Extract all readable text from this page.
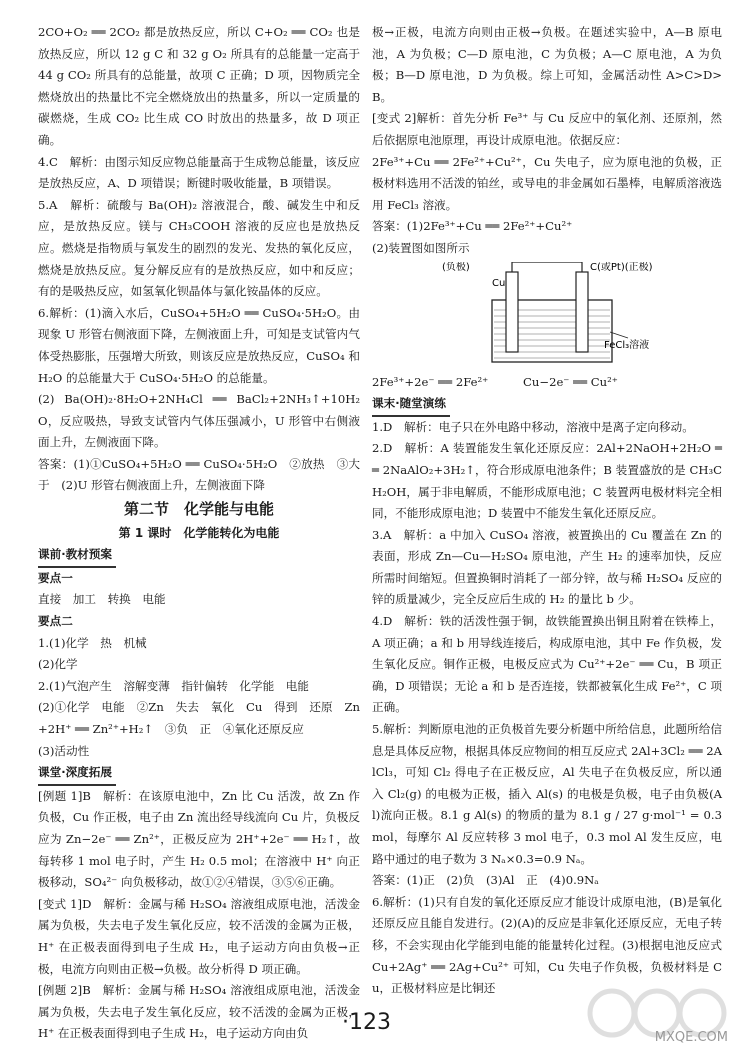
2CO+O₂ ══ 2CO₂ 都是放热反应，所以 C+O₂ ══ CO₂ 也是放热反应，所以 12 g C 和 32 g O₂ 所具有的总能量一定高于 44 g CO₂ 所具有的总能量，故项 C 正确；D 项，因物质完全燃烧放出的热量比不完全燃烧放出的热量多，所以一定质量的碳燃烧，生成 CO₂ 比生成 CO 时放出的热量多，故 D 项正确。

4.C　解析：由图示知反应物总能量高于生成物总能量，该反应是放热反应，A、D 项错误；断键时吸收能量，B 项错误。

5.A　解析：硫酸与 Ba(OH)₂ 溶液混合，酸、碱发生中和反应，是放热反应。镁与 CH₃COOH 溶液的反应也是放热反应。燃烧是指物质与氧发生的剧烈的发光、发热的氧化反应，燃烧是放热反应。复分解反应有的是放热反应，如中和反应；有的是吸热反应，如氢氧化钡晶体与氯化铵晶体的反应。

6.解析：(1)滴入水后，CuSO₄+5H₂O ══ CuSO₄·5H₂O。由现象 U 形管右侧液面下降，左侧液面上升，可知是支试管内气体受热膨胀，压强增大所致，则该反应是放热反应，CuSO₄ 和 H₂O 的总能量大于 CuSO₄·5H₂O 的总能量。

(2) Ba(OH)₂·8H₂O+2NH₄Cl ══ BaCl₂+2NH₃↑+10H₂O，反应吸热，导致支试管内气体压强减小，U 形管中右侧液面上升，左侧液面下降。

答案：(1)①CuSO₄+5H₂O ══ CuSO₄·5H₂O　②放热　③大于　(2)U 形管右侧液面上升，左侧液面下降

第二节　化学能与电能
第 1 课时　化学能转化为电能
课前·教材预案

要点一

直接　加工　转换　电能

要点二

1.(1)化学　热　机械

(2)化学

2.(1)气泡产生　溶解变薄　指针偏转　化学能　电能

(2)①化学　电能　②Zn　失去　氧化　Cu　得到　还原　Zn+2H⁺ ══ Zn²⁺+H₂↑　③负　正　④氧化还原反应

(3)活动性

课堂·深度拓展

[例题 1]B　解析：在该原电池中，Zn 比 Cu 活泼，故 Zn 作负极，Cu 作正极，电子由 Zn 流出经导线流向 Cu 片，负极反应为 Zn−2e⁻ ══ Zn²⁺，正极反应为 2H⁺+2e⁻ ══ H₂↑，故每转移 1 mol 电子时，产生 H₂ 0.5 mol；在溶液中 H⁺ 向正极移动，SO₄²⁻ 向负极移动，故①②④错误，③⑤⑥正确。

[变式 1]D　解析：金属与稀 H₂SO₄ 溶液组成原电池，活泼金属为负极，失去电子发生氧化反应，较不活泼的金属为正极，H⁺ 在正极表面得到电子生成 H₂，电子运动方向由负极→正极，电流方向则由正极→负极。故分析得 D 项正确。

[例题 2]B　解析：金属与稀 H₂SO₄ 溶液组成原电池，活泼金属为负极，失去电子发生氧化反应，较不活泼的金属为正极，H⁺ 在正极表面得到电子生成 H₂，电子运动方向由负

极→正极，电流方向则由正极→负极。在题述实验中，A—B 原电池，A 为负极；C—D 原电池，C 为负极；A—C 原电池，A 为负极；B—D 原电池，D 为负极。综上可知，金属活动性 A>C>D>B。

[变式 2]解析：首先分析 Fe³⁺ 与 Cu 反应中的氧化剂、还原剂，然后依据原电池原理，再设计成原电池。依据反应：

2Fe³⁺+Cu ══ 2Fe²⁺+Cu²⁺，Cu 失电子，应为原电池的负极，正极材料选用不活泼的铂丝，或导电的非金属如石墨棒，电解质溶液选用 FeCl₃ 溶液。

答案：(1)2Fe³⁺+Cu ══ 2Fe²⁺+Cu²⁺

(2)装置图如图所示

(负极)
Cu
C(或Pt)(正极)
FeCl₃溶液

2Fe³⁺+2e⁻ ══ 2Fe²⁺　　　Cu−2e⁻ ══ Cu²⁺

课末·随堂演练

1.D　解析：电子只在外电路中移动，溶液中是离子定向移动。

2.D　解析：A 装置能发生氧化还原反应：2Al+2NaOH+2H₂O ══ 2NaAlO₂+3H₂↑，符合形成原电池条件；B 装置盛放的是 CH₃CH₂OH，属于非电解质，不能形成原电池；C 装置两电极材料完全相同，不能形成原电池；D 装置中不能发生氧化还原反应。

3.A　解析：a 中加入 CuSO₄ 溶液，被置换出的 Cu 覆盖在 Zn 的表面，形成 Zn—Cu—H₂SO₄ 原电池，产生 H₂ 的速率加快，反应所需时间缩短。但置换铜时消耗了一部分锌，故与稀 H₂SO₄ 反应的锌的质量减少，完全反应后生成的 H₂ 的量比 b 少。

4.D　解析：铁的活泼性强于铜，故铁能置换出铜且附着在铁棒上，A 项正确；a 和 b 用导线连接后，构成原电池，其中 Fe 作负极，发生氧化反应。铜作正极，电极反应式为 Cu²⁺+2e⁻ ══ Cu，B 项正确，D 项错误；无论 a 和 b 是否连接，铁都被氧化生成 Fe²⁺，C 项正确。

5.解析：判断原电池的正负极首先要分析题中所给信息，此题所给信息是具体反应物，根据具体反应物间的相互反应式 2Al+3Cl₂ ══ 2AlCl₃，可知 Cl₂ 得电子在正极反应，Al 失电子在负极反应，所以通入 Cl₂(g) 的电极为正极，插入 Al(s) 的电极是负极，电子由负极(Al)流向正极。8.1 g Al(s) 的物质的量为 8.1 g / 27 g·mol⁻¹ = 0.3 mol，每摩尔 Al 反应转移 3 mol 电子，0.3 mol Al 发生反应，电路中通过的电子数为 3 Nₐ×0.3=0.9 Nₐ。

答案：(1)正　(2)负　(3)Al　正　(4)0.9Nₐ

6.解析：(1)只有自发的氧化还原反应才能设计成原电池，(B)是氧化还原反应且能自发进行。(2)(A)的反应是非氧化还原反应，无电子转移，不会实现由化学能到电能的能量转化过程。(3)根据电池反应式 Cu+2Ag⁺ ══ 2Ag+Cu²⁺ 可知，Cu 失电子作负极，负极材料是 Cu，正极材料应是比铜还

·123
MXQE.COM
